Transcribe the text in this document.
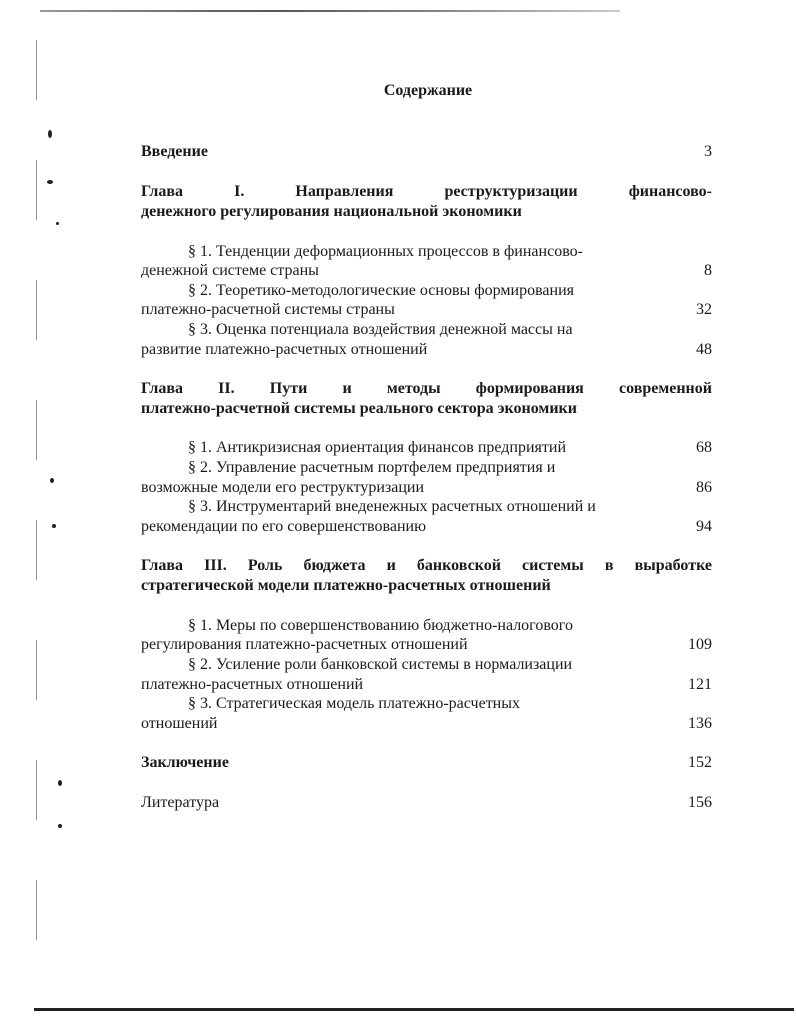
Содержание
Введение	3
Глава I. Направления реструктуризации финансово-
денежного регулирования национальной экономики
§ 1. Тенденции деформационных процессов в финансово-
денежной системе страны	8
§ 2. Теоретико-методологические основы формирования
платежно-расчетной системы страны	32
§ 3. Оценка потенциала воздействия денежной массы на
развитие платежно-расчетных отношений	48
Глава II. Пути и методы формирования современной
платежно-расчетной системы реального сектора экономики
§ 1. Антикризисная ориентация финансов предприятий	68
§ 2. Управление расчетным портфелем предприятия и
возможные модели его реструктуризации	86
§ 3. Инструментарий внеденежных расчетных отношений и
рекомендации по его совершенствованию	94
Глава III. Роль бюджета и банковской системы в выработке
стратегической модели платежно-расчетных отношений
§ 1. Меры по совершенствованию бюджетно-налогового
регулирования платежно-расчетных отношений	109
§ 2. Усиление роли банковской системы в нормализации
платежно-расчетных отношений	121
§ 3. Стратегическая модель платежно-расчетных
отношений	136
Заключение	152
Литература	156
